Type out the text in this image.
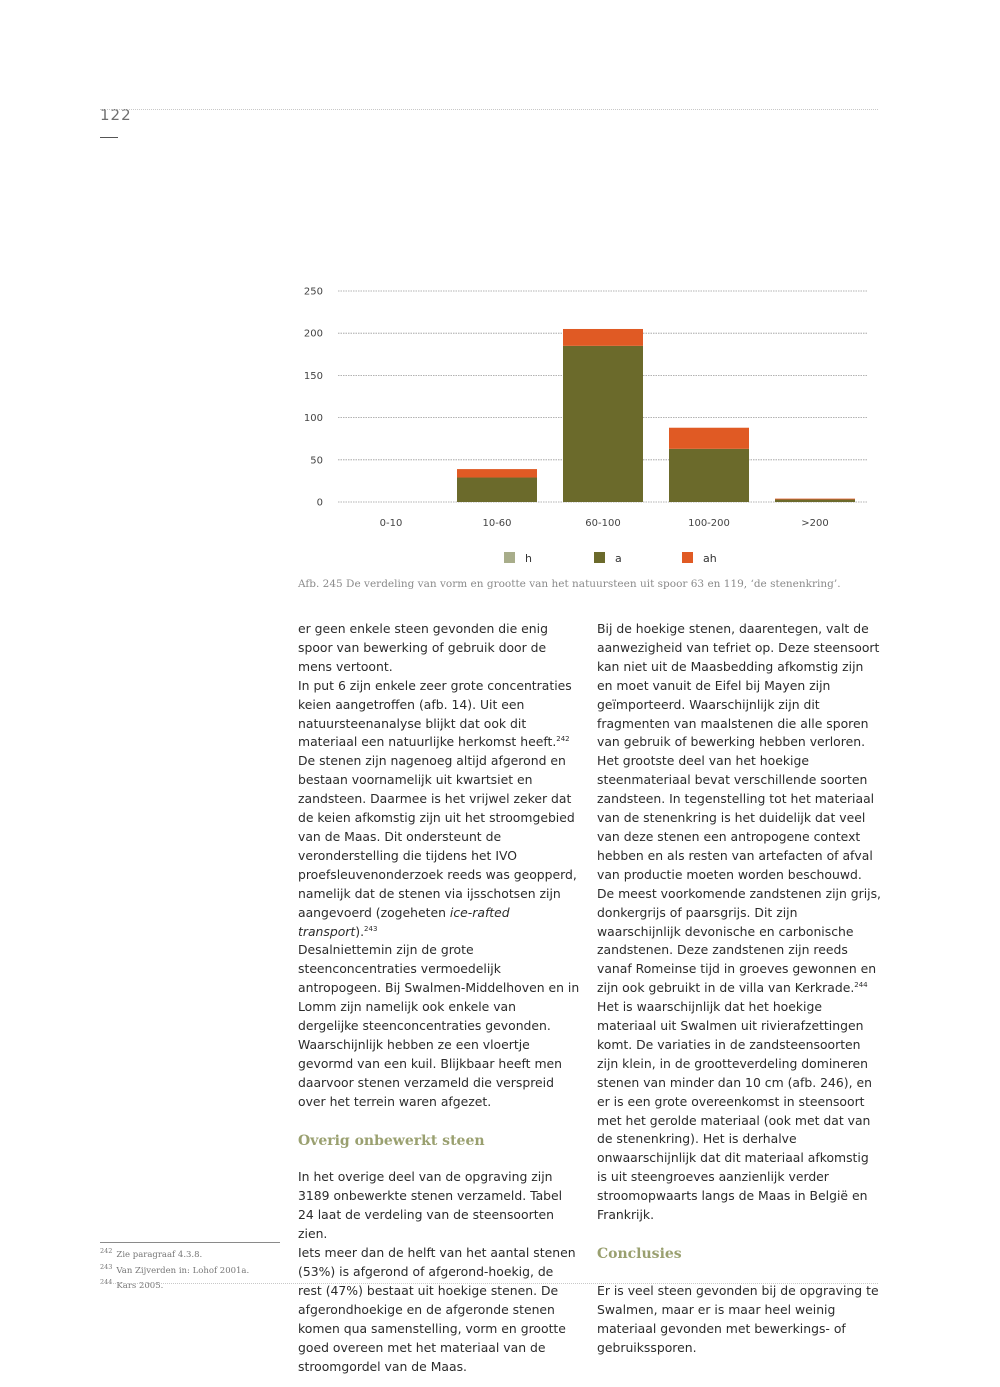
122
0
50
100
150
200
250
0-10	10-60	60-100	100-200	>200
h	a	ah
Afb. 245 De verdeling van vorm en grootte van het natuursteen uit spoor 63 en 119, ‘de stenenkring’.

er geen enkele steen gevonden die enig spoor van bewerking of gebruik door de mens vertoont.

In put 6 zijn enkele zeer grote concentraties keien aangetroffen (afb. 14). Uit een natuursteenanalyse blijkt dat ook dit materiaal een natuurlijke herkomst heeft.$^{242}$ De stenen zijn nagenoeg altijd afgerond en bestaan voornamelijk uit kwartsiet en zandsteen. Daarmee is het vrijwel zeker dat de keien afkomstig zijn uit het stroomgebied van de Maas. Dit ondersteunt de veronderstelling die tijdens het IVO proefsleuvenonderzoek reeds was geopperd, namelijk dat de stenen via ijsschotsen zijn aangevoerd (zogeheten ice-rafted transport).$^{243}$

Desalniettemin zijn de grote steenconcentraties vermoedelijk antropogeen. Bij Swalmen-Middelhoven en in Lomm zijn namelijk ook enkele van dergelijke steenconcentraties gevonden. Waarschijnlijk hebben ze een vloertje gevormd van een kuil. Blijkbaar heeft men daarvoor stenen verzameld die verspreid over het terrein waren afgezet.

Overig onbewerkt steen

In het overige deel van de opgraving zijn 3189 onbewerkte stenen verzameld. Tabel 24 laat de verdeling van de steensoorten zien.

Iets meer dan de helft van het aantal stenen (53%) is afgerond of afgerond-hoekig, de rest (47%) bestaat uit hoekige stenen. De afgerondhoekige en de afgeronde stenen komen qua samenstelling, vorm en grootte goed overeen met het materiaal van de stroomgordel van de Maas.

Bij de hoekige stenen, daarentegen, valt de aanwezigheid van tefriet op. Deze steensoort kan niet uit de Maasbedding afkomstig zijn en moet vanuit de Eifel bij Mayen zijn geïmporteerd. Waarschijnlijk zijn dit fragmenten van maalstenen die alle sporen van gebruik of bewerking hebben verloren.

Het grootste deel van het hoekige steenmateriaal bevat verschillende soorten zandsteen. In tegenstelling tot het materiaal van de stenenkring is het duidelijk dat veel van deze stenen een antropogene context hebben en als resten van artefacten of afval van productie moeten worden beschouwd. De meest voorkomende zandstenen zijn grijs, donkergrijs of paarsgrijs. Dit zijn waarschijnlijk devonische en carbonische zandstenen. Deze zandstenen zijn reeds vanaf Romeinse tijd in groeves gewonnen en zijn ook gebruikt in de villa van Kerkrade.$^{244}$

Het is waarschijnlijk dat het hoekige materiaal uit Swalmen uit rivierafzettingen komt. De variaties in de zandsteensoorten zijn klein, in de grootteverdeling domineren stenen van minder dan 10 cm (afb. 246), en er is een grote overeenkomst in steensoort met het gerolde materiaal (ook met dat van de stenenkring). Het is derhalve onwaarschijnlijk dat dit materiaal afkomstig is uit steengroeves aanzienlijk verder stroomopwaarts langs de Maas in België en Frankrijk.

Conclusies

Er is veel steen gevonden bij de opgraving te Swalmen, maar er is maar heel weinig materiaal gevonden met bewerkings- of gebruikssporen.

$^{242}$ Zie paragraaf 4.3.8.
$^{243}$ Van Zijverden in: Lohof 2001a.
$^{244}$ Kars 2005.
